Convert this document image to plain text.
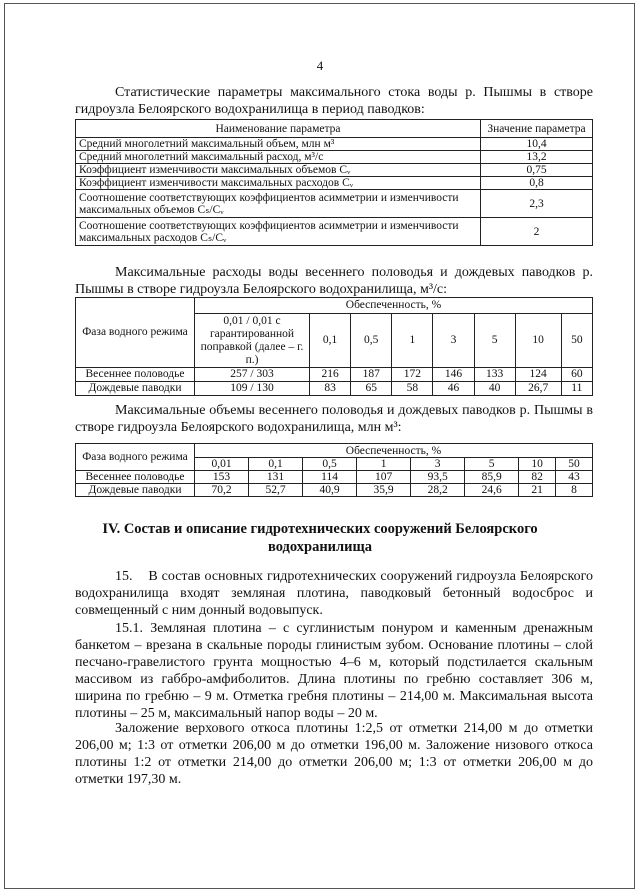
4

Статистические параметры максимального стока воды р. Пышмы в створе гидроузла Белоярского водохранилища в период паводков:

Наименование параметра	Значение параметра
Средний многолетний максимальный объем, млн м³	10,4
Средний многолетний максимальный расход, м³/с	13,2
Коэффициент изменчивости максимальных объемов Cᵥ	0,75
Коэффициент изменчивости максимальных расходов Cᵥ	0,8
Соотношение соответствующих коэффициентов асимметрии и изменчивости максимальных объемов Cₛ/Cᵥ	2,3
Соотношение соответствующих коэффициентов асимметрии и изменчивости максимальных расходов Cₛ/Cᵥ	2

Максимальные расходы воды весеннего половодья и дождевых паводков р. Пышмы в створе гидроузла Белоярского водохранилища, м³/с:

Фаза водного режима	Обеспеченность, %							
	0,01 / 0,01 с гарантированной поправкой (далее – г. п.)	0,1	0,5	1	3	5	10	50
Весеннее половодье	257 / 303	216	187	172	146	133	124	60
Дождевые паводки	109 / 130	83	65	58	46	40	26,7	11

Максимальные объемы весеннего половодья и дождевых паводков р. Пышмы в створе гидроузла Белоярского водохранилища, млн м³:

Фаза водного режима	Обеспеченность, %							
	0,01	0,1	0,5	1	3	5	10	50
Весеннее половодье	153	131	114	107	93,5	85,9	82	43
Дождевые паводки	70,2	52,7	40,9	35,9	28,2	24,6	21	8
IV. Состав и описание гидротехнических сооружений Белоярского водохранилища

15.    В состав основных гидротехнических сооружений гидроузла Белоярского водохранилища входят земляная плотина, паводковый бетонный водосброс и совмещенный с ним донный водовыпуск.

15.1. Земляная плотина – с суглинистым понуром и каменным дренажным банкетом – врезана в скальные породы глинистым зубом. Основание плотины – слой песчано-гравелистого грунта мощностью 4–6 м, который подстилается скальным массивом из габбро-амфиболитов. Длина плотины по гребню составляет 306 м, ширина по гребню – 9 м. Отметка гребня плотины – 214,00 м. Максимальная высота плотины – 25 м, максимальный напор воды – 20 м.

Заложение верхового откоса плотины 1:2,5 от отметки 214,00 м до отметки 206,00 м; 1:3 от отметки 206,00 м до отметки 196,00 м. Заложение низового откоса плотины 1:2 от отметки 214,00 до отметки 206,00 м; 1:3 от отметки 206,00 м до отметки 197,30 м.
